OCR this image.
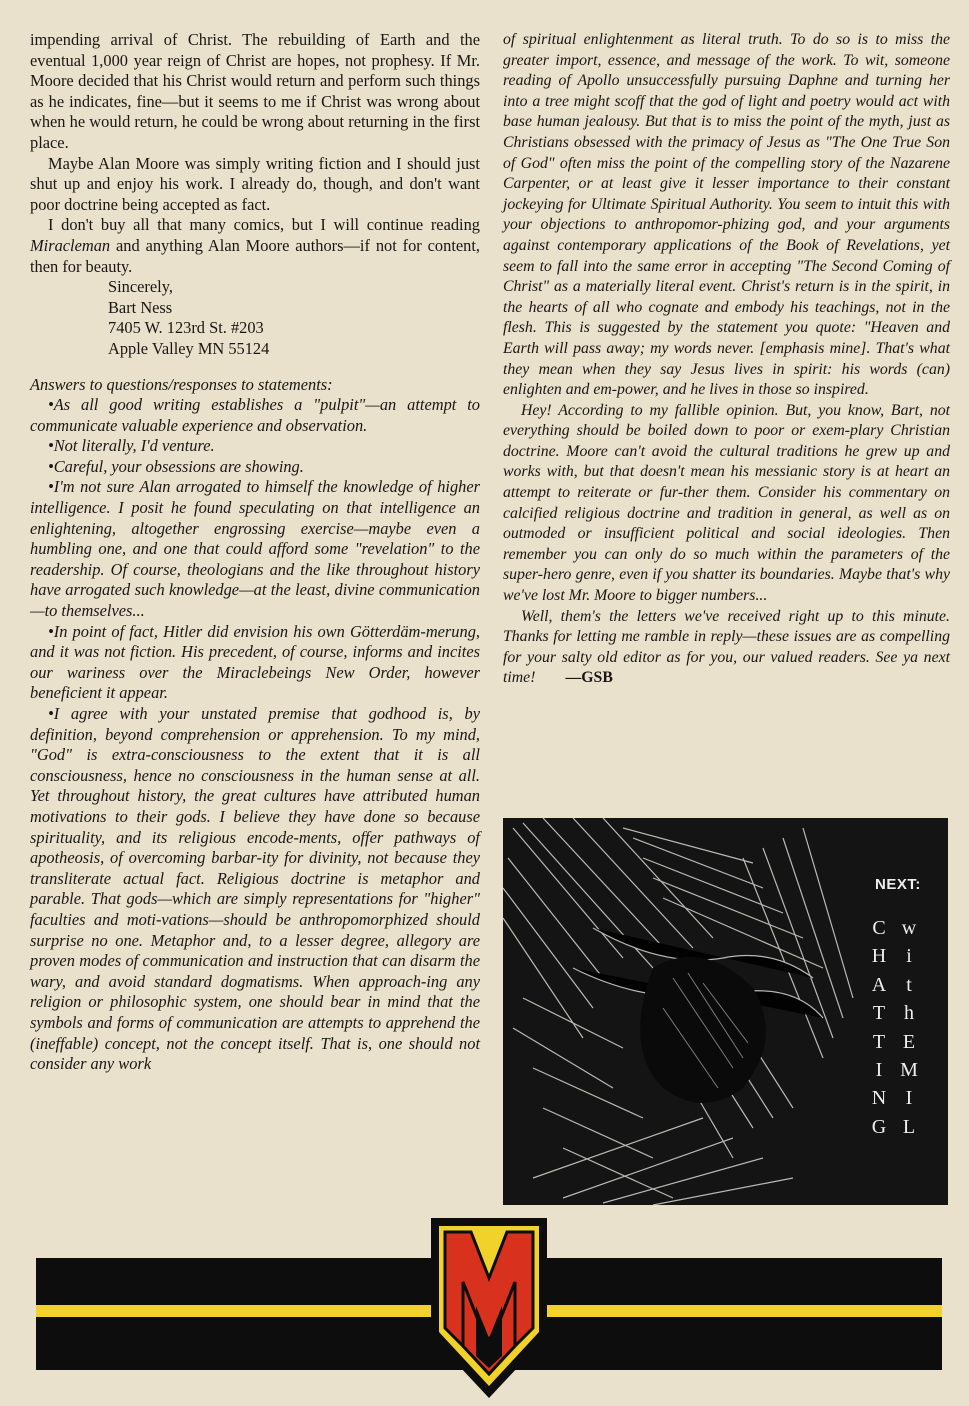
impending arrival of Christ. The rebuilding of Earth and the eventual 1,000 year reign of Christ are hopes, not prophesy. If Mr. Moore decided that his Christ would return and perform such things as he indicates, fine—but it seems to me if Christ was wrong about when he would return, he could be wrong about returning in the first place.

Maybe Alan Moore was simply writing fiction and I should just shut up and enjoy his work. I already do, though, and don't want poor doctrine being accepted as fact.

I don't buy all that many comics, but I will continue reading Miracleman and anything Alan Moore authors—if not for content, then for beauty.

Sincerely,

Bart Ness

7405 W. 123rd St. #203

Apple Valley MN 55124

Answers to questions/responses to statements:

•As all good writing establishes a "pulpit"—an attempt to communicate valuable experience and observation.

•Not literally, I'd venture.

•Careful, your obsessions are showing.

•I'm not sure Alan arrogated to himself the knowledge of higher intelligence. I posit he found speculating on that intelligence an enlightening, altogether engrossing exercise—maybe even a humbling one, and one that could afford some "revelation" to the readership. Of course, theologians and the like throughout history have arrogated such knowledge—at the least, divine communication—to themselves...

•In point of fact, Hitler did envision his own Götterdäm-merung, and it was not fiction. His precedent, of course, informs and incites our wariness over the Miraclebeings New Order, however beneficient it appear.

•I agree with your unstated premise that godhood is, by definition, beyond comprehension or apprehension. To my mind, "God" is extra-consciousness to the extent that it is all consciousness, hence no consciousness in the human sense at all. Yet throughout history, the great cultures have attributed human motivations to their gods. I believe they have done so because spirituality, and its religious encode-ments, offer pathways of apotheosis, of overcoming barbar-ity for divinity, not because they transliterate actual fact. Religious doctrine is metaphor and parable. That gods—which are simply representations for "higher" faculties and moti-vations—should be anthropomorphized should surprise no one. Metaphor and, to a lesser degree, allegory are proven modes of communication and instruction that can disarm the wary, and avoid standard dogmatisms. When approach-ing any religion or philosophic system, one should bear in mind that the symbols and forms of communication are attempts to apprehend the (ineffable) concept, not the concept itself. That is, one should not consider any work

of spiritual enlightenment as literal truth. To do so is to miss the greater import, essence, and message of the work. To wit, someone reading of Apollo unsuccessfully pursuing Daphne and turning her into a tree might scoff that the god of light and poetry would act with base human jealousy. But that is to miss the point of the myth, just as Christians obsessed with the primacy of Jesus as "The One True Son of God" often miss the point of the compelling story of the Nazarene Carpenter, or at least give it lesser importance to their constant jockeying for Ultimate Spiritual Authority. You seem to intuit this with your objections to anthropomor-phizing god, and your arguments against contemporary applications of the Book of Revelations, yet seem to fall into the same error in accepting "The Second Coming of Christ" as a materially literal event. Christ's return is in the spirit, in the hearts of all who cognate and embody his teachings, not in the flesh. This is suggested by the statement you quote: "Heaven and Earth will pass away; my words never. [emphasis mine]. That's what they mean when they say Jesus lives in spirit: his words (can) enlighten and em-power, and he lives in those so inspired.

Hey! According to my fallible opinion. But, you know, Bart, not everything should be boiled down to poor or exem-plary Christian doctrine. Moore can't avoid the cultural traditions he grew up and works with, but that doesn't mean his messianic story is at heart an attempt to reiterate or fur-ther them. Consider his commentary on calcified religious doctrine and tradition in general, as well as on outmoded or insufficient political and social ideologies. Then remember you can only do so much within the parameters of the super-hero genre, even if you shatter its boundaries. Maybe that's why we've lost Mr. Moore to bigger numbers...

Well, them's the letters we've received right up to this minute. Thanks for letting me ramble in reply—these issues are as compelling for your salty old editor as for you, our valued readers. See ya next time! —GSB

NEXT:
C
H
A
T
T
I
N
G
w
i
t
h
E
M
I
L
